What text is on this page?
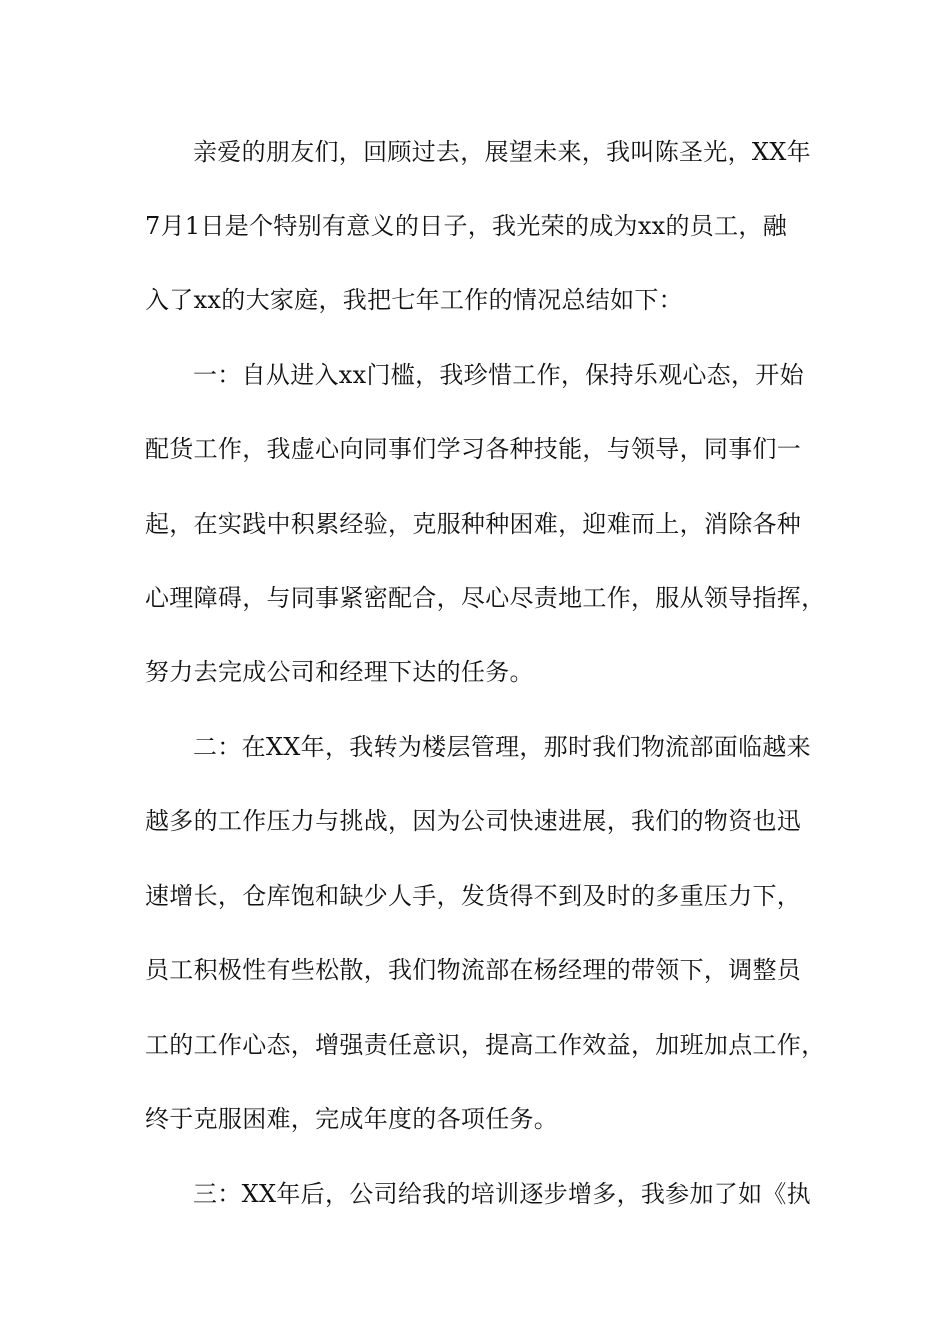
亲爱的朋友们，回顾过去，展望未来，我叫陈圣光，XX年
7月1日是个特别有意义的日子，我光荣的成为xx的员工，融
入了xx的大家庭，我把七年工作的情况总结如下：
一：自从进入xx门槛，我珍惜工作，保持乐观心态，开始
配货工作，我虚心向同事们学习各种技能，与领导，同事们一
起，在实践中积累经验，克服种种困难，迎难而上，消除各种
心理障碍，与同事紧密配合，尽心尽责地工作，服从领导指挥，
努力去完成公司和经理下达的任务。
二：在XX年，我转为楼层管理，那时我们物流部面临越来
越多的工作压力与挑战，因为公司快速进展，我们的物资也迅
速增长，仓库饱和缺少人手，发货得不到及时的多重压力下，
员工积极性有些松散，我们物流部在杨经理的带领下，调整员
工的工作心态，增强责任意识，提高工作效益，加班加点工作，
终于克服困难，完成年度的各项任务。
三：XX年后，公司给我的培训逐步增多，我参加了如《执
